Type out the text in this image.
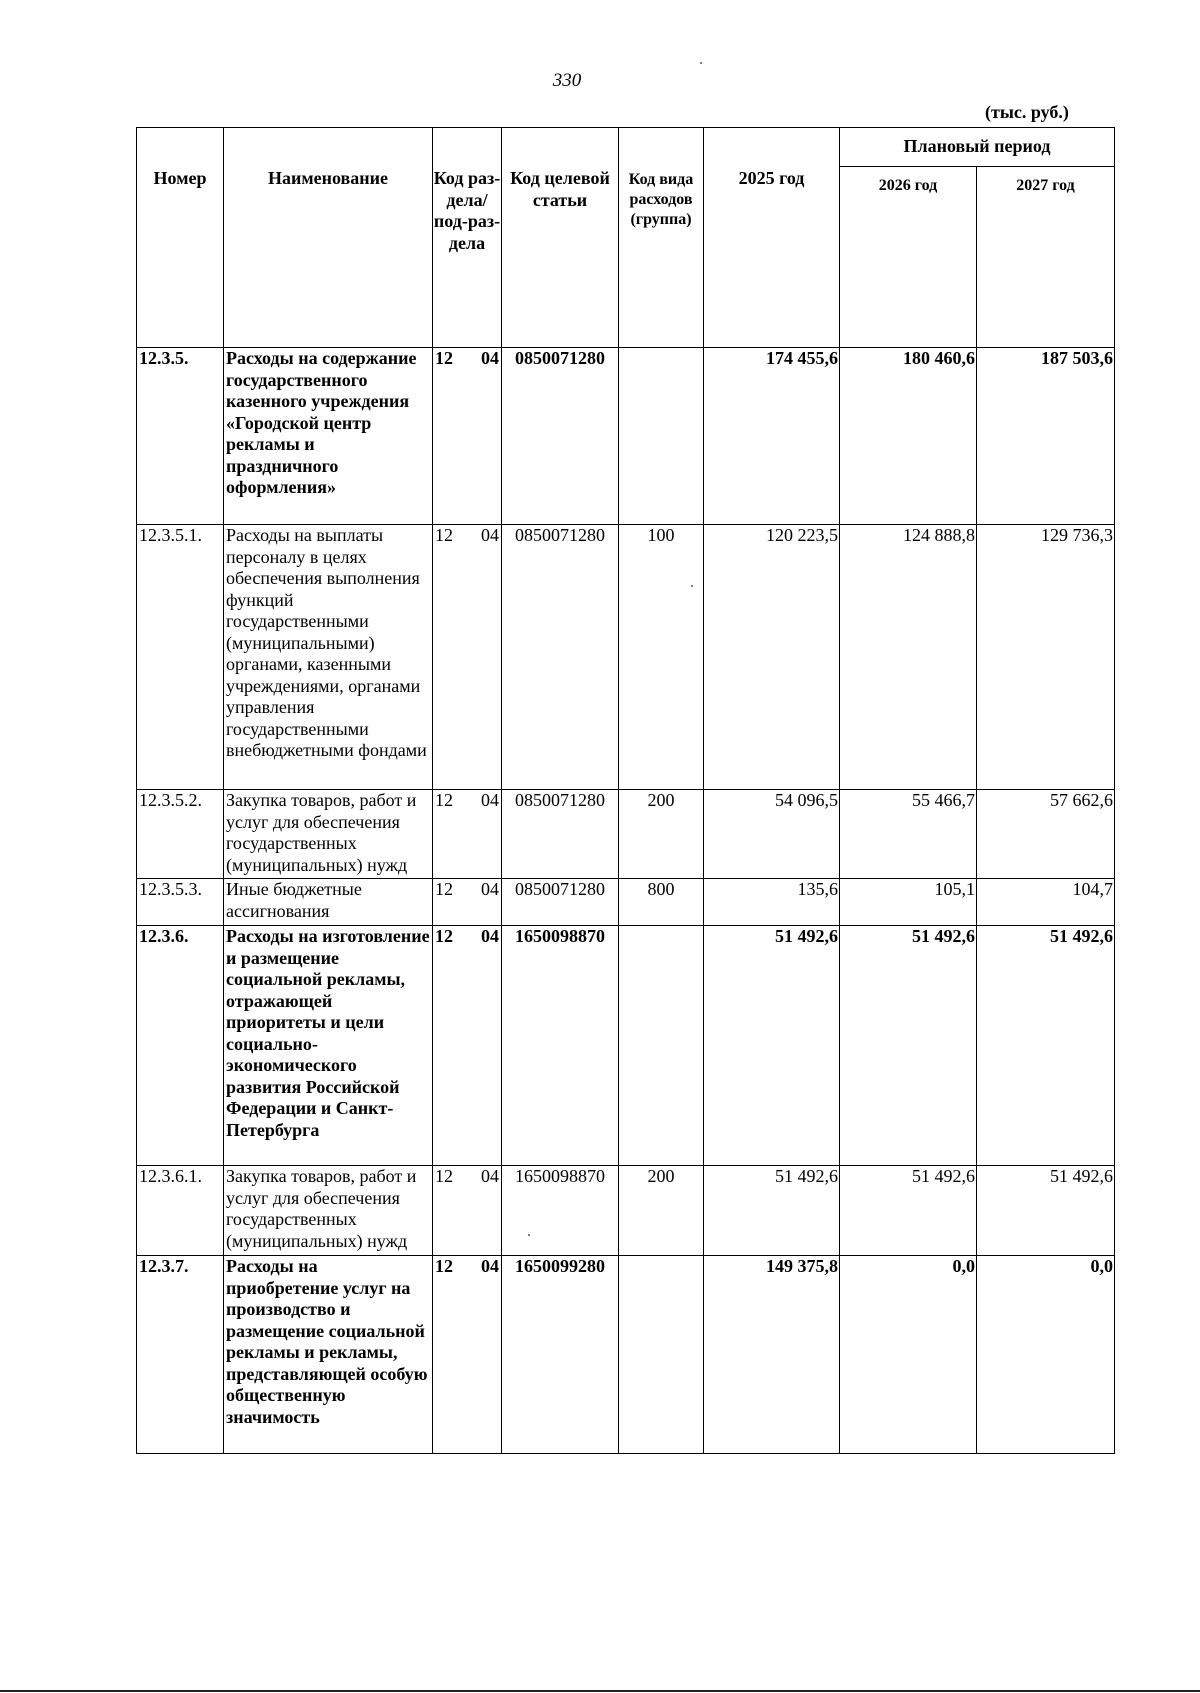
330
(тыс. руб.)
Номер	Наименование	Код раз-дела/ под-раз-дела	Код целевой статьи	Код вида расходов (группа)	2025 год	Плановый период	
						2026 год	2027 год
12.3.5.	Расходы на содержание государственного казенного учреждения «Городской центр рекламы и праздничного оформления»	12 04	0850071280		174 455,6	180 460,6	187 503,6
12.3.5.1.	Расходы на выплаты персоналу в целях обеспечения выполнения функций государственными (муниципальными) органами, казенными учреждениями, органами управления государственными внебюджетными фондами	12 04	0850071280	100	120 223,5	124 888,8	129 736,3
12.3.5.2.	Закупка товаров, работ и услуг для обеспечения государственных (муниципальных) нужд	12 04	0850071280	200	54 096,5	55 466,7	57 662,6
12.3.5.3.	Иные бюджетные ассигнования	12 04	0850071280	800	135,6	105,1	104,7
12.3.6.	Расходы на изготовление и размещение социальной рекламы, отражающей приоритеты и цели социально-экономического развития Российской Федерации и Санкт-Петербурга	12 04	1650098870		51 492,6	51 492,6	51 492,6
12.3.6.1.	Закупка товаров, работ и услуг для обеспечения государственных (муниципальных) нужд	12 04	1650098870	200	51 492,6	51 492,6	51 492,6
12.3.7.	Расходы на приобретение услуг на производство и размещение социальной рекламы и рекламы, представляющей особую общественную значимость	12 04	1650099280		149 375,8	0,0	0,0
